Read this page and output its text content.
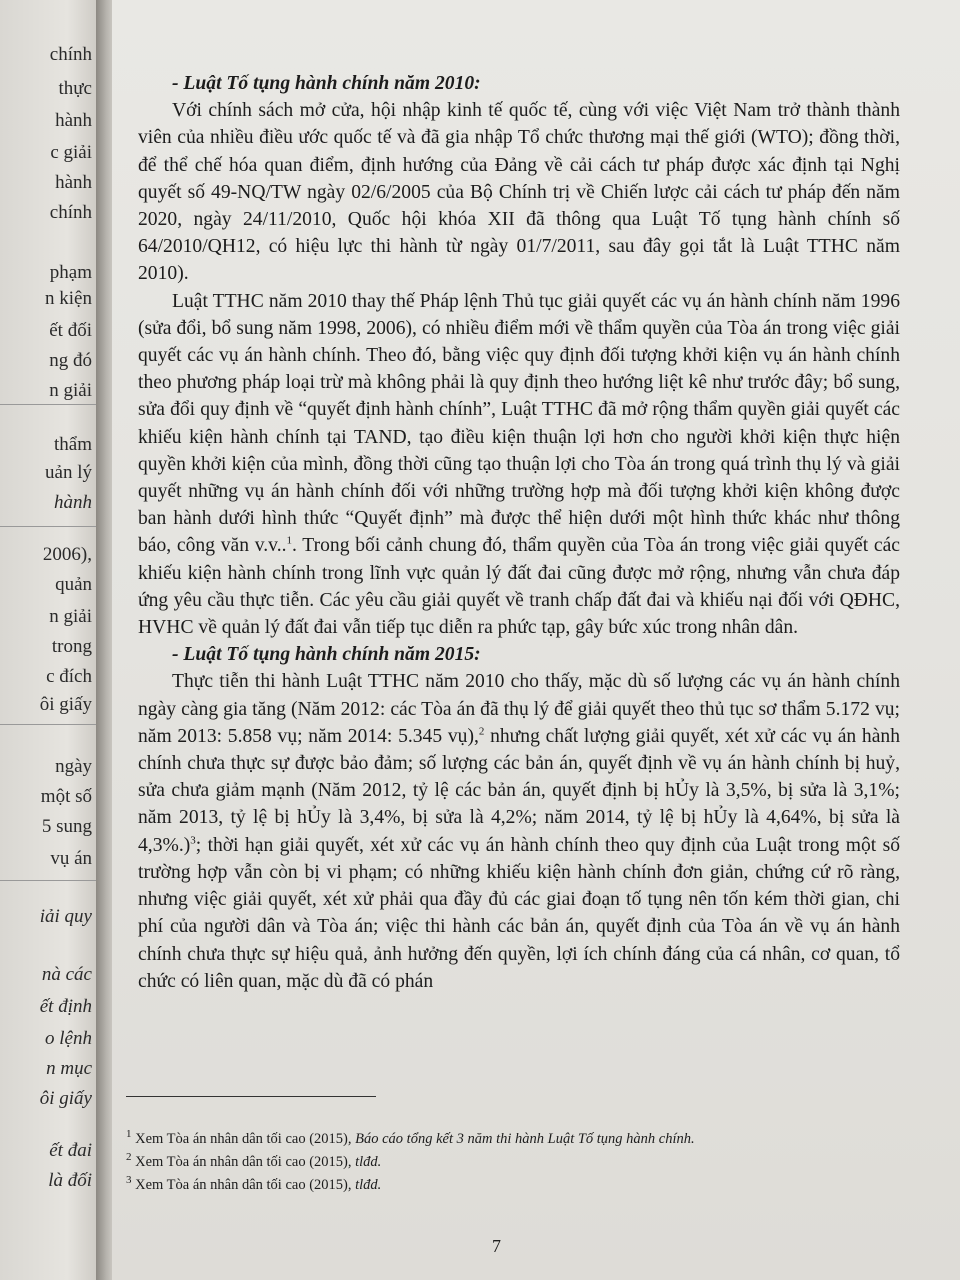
chính
thực
hành
c giải
hành
chính
phạm
n kiện
ết đối
ng đó
n giải
thẩm
uản lý
hành
2006),
quản
n giải
trong
c đích
ôi giấy
ngày
một số
5 sung
vụ án
iải quy
nà các
ết định
o lệnh
n mục
ôi giấy
ết đai
là đối

- Luật Tố tụng hành chính năm 2010:

Với chính sách mở cửa, hội nhập kinh tế quốc tế, cùng với việc Việt Nam trở thành thành viên của nhiều điều ước quốc tế và đã gia nhập Tổ chức thương mại thế giới (WTO); đồng thời, để thể chế hóa quan điểm, định hướng của Đảng về cải cách tư pháp được xác định tại Nghị quyết số 49-NQ/TW ngày 02/6/2005 của Bộ Chính trị về Chiến lược cải cách tư pháp đến năm 2020, ngày 24/11/2010, Quốc hội khóa XII đã thông qua Luật Tố tụng hành chính số 64/2010/QH12, có hiệu lực thi hành từ ngày 01/7/2011, sau đây gọi tắt là Luật TTHC năm 2010).

Luật TTHC năm 2010 thay thế Pháp lệnh Thủ tục giải quyết các vụ án hành chính năm 1996 (sửa đổi, bổ sung năm 1998, 2006), có nhiều điểm mới về thẩm quyền của Tòa án trong việc giải quyết các vụ án hành chính. Theo đó, bằng việc quy định đối tượng khởi kiện vụ án hành chính theo phương pháp loại trừ mà không phải là quy định theo hướng liệt kê như trước đây; bổ sung, sửa đổi quy định về “quyết định hành chính”, Luật TTHC đã mở rộng thẩm quyền giải quyết các khiếu kiện hành chính tại TAND, tạo điều kiện thuận lợi hơn cho người khởi kiện thực hiện quyền khởi kiện của mình, đồng thời cũng tạo thuận lợi cho Tòa án trong quá trình thụ lý và giải quyết những vụ án hành chính đối với những trường hợp mà đối tượng khởi kiện không được ban hành dưới hình thức “Quyết định” mà được thể hiện dưới một hình thức khác như thông báo, công văn v.v..$^1$. Trong bối cảnh chung đó, thẩm quyền của Tòa án trong việc giải quyết các khiếu kiện hành chính trong lĩnh vực quản lý đất đai cũng được mở rộng, nhưng vẫn chưa đáp ứng yêu cầu thực tiễn. Các yêu cầu giải quyết về tranh chấp đất đai và khiếu nại đối với QĐHC, HVHC về quản lý đất đai vẫn tiếp tục diễn ra phức tạp, gây bức xúc trong nhân dân.

- Luật Tố tụng hành chính năm 2015:

Thực tiễn thi hành Luật TTHC năm 2010 cho thấy, mặc dù số lượng các vụ án hành chính ngày càng gia tăng (Năm 2012: các Tòa án đã thụ lý để giải quyết theo thủ tục sơ thẩm 5.172 vụ; năm 2013: 5.858 vụ; năm 2014: 5.345 vụ),$^2$ nhưng chất lượng giải quyết, xét xử các vụ án hành chính chưa thực sự được bảo đảm; số lượng các bản án, quyết định về vụ án hành chính bị huỷ, sửa chưa giảm mạnh (Năm 2012, tỷ lệ các bản án, quyết định bị hỦy là 3,5%, bị sửa là 3,1%; năm 2013, tỷ lệ bị hỦy là 3,4%, bị sửa là 4,2%; năm 2014, tỷ lệ bị hỦy là 4,64%, bị sửa là 4,3%.)$^3$; thời hạn giải quyết, xét xử các vụ án hành chính theo quy định của Luật trong một số trường hợp vẫn còn bị vi phạm; có những khiếu kiện hành chính đơn giản, chứng cứ rõ ràng, nhưng việc giải quyết, xét xử phải qua đầy đủ các giai đoạn tố tụng nên tốn kém thời gian, chi phí của người dân và Tòa án; việc thi hành các bản án, quyết định của Tòa án về vụ án hành chính chưa thực sự hiệu quả, ảnh hưởng đến quyền, lợi ích chính đáng của cá nhân, cơ quan, tổ chức có liên quan, mặc dù đã có phán

$^1$ Xem Tòa án nhân dân tối cao (2015), Báo cáo tổng kết 3 năm thi hành Luật Tố tụng hành chính.
$^2$ Xem Tòa án nhân dân tối cao (2015), tlđd.
$^3$ Xem Tòa án nhân dân tối cao (2015), tlđd.
7
